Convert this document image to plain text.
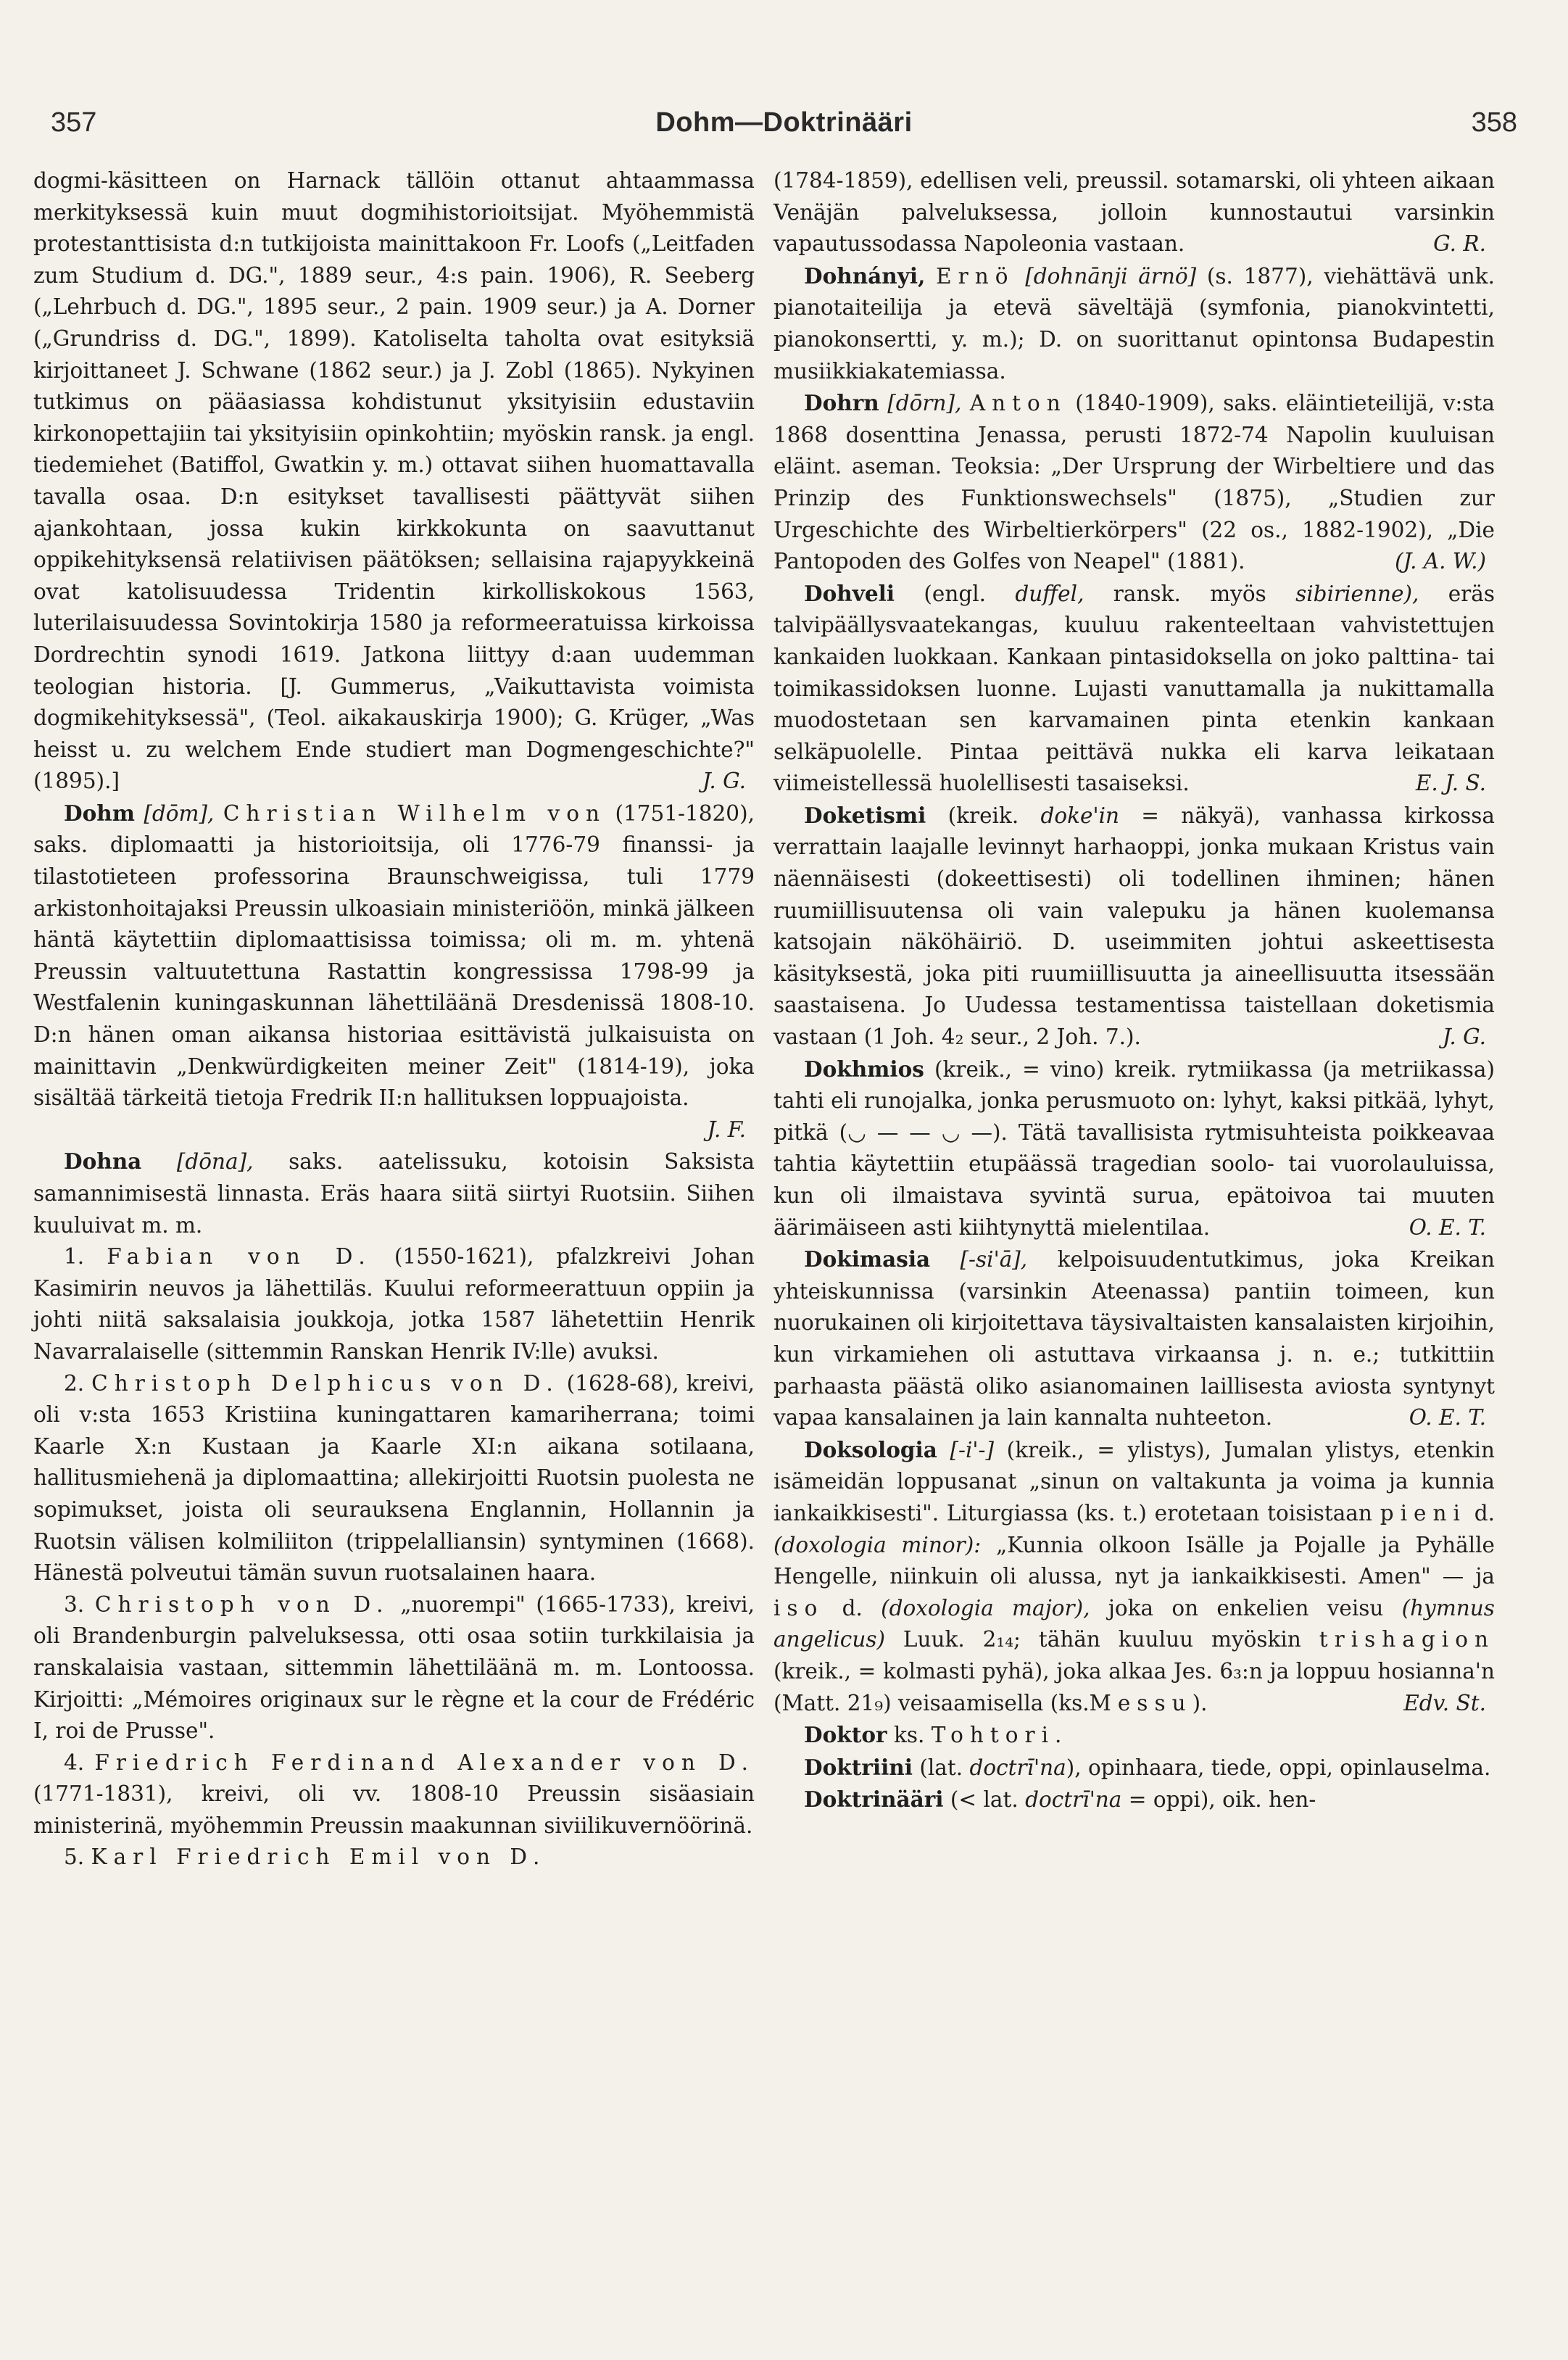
357	Dohm—Doktrinääri	358

dogmi-käsitteen on Harnack tällöin ottanut ahtaammassa merkityksessä kuin muut dogmihistorioitsijat. Myöhemmistä protestanttisista d:n tutkijoista mainittakoon Fr. Loofs („Leitfaden zum Studium d. DG.", 1889 seur., 4:s pain. 1906), R. Seeberg („Lehrbuch d. DG.", 1895 seur., 2 pain. 1909 seur.) ja A. Dorner („Grundriss d. DG.", 1899). Katoliselta taholta ovat esityksiä kirjoittaneet J. Schwane (1862 seur.) ja J. Zobl (1865). Nykyinen tutkimus on pääasiassa kohdistunut yksityisiin edustaviin kirkonopettajiin tai yksityisiin opinkohtiin; myöskin ransk. ja engl. tiedemiehet (Batiffol, Gwatkin y. m.) ottavat siihen huomattavalla tavalla osaa. D:n esitykset tavallisesti päättyvät siihen ajankohtaan, jossa kukin kirkkokunta on saavuttanut oppikehityksensä relatiivisen päätöksen; sellaisina rajapyykkeinä ovat katolisuudessa Tridentin kirkolliskokous 1563, luterilaisuudessa Sovintokirja 1580 ja reformeeratuissa kirkoissa Dordrechtin synodi 1619. Jatkona liittyy d:aan uudemman teologian historia. [J. Gummerus, „Vaikuttavista voimista dogmikehityksessä", (Teol. aikakauskirja 1900); G. Krüger, „Was heisst u. zu welchem Ende studiert man Dogmengeschichte?" (1895).]	J. G.

Dohm [dōm], Christian Wilhelm von (1751-1820), saks. diplomaatti ja historioitsija, oli 1776-79 finanssi- ja tilastotieteen professorina Braunschweigissa, tuli 1779 arkistonhoitajaksi Preussin ulkoasiain ministeriöön, minkä jälkeen häntä käytettiin diplomaattisissa toimissa; oli m. m. yhtenä Preussin valtuutettuna Rastattin kongressissa 1798-99 ja Westfalenin kuningaskunnan lähettiläänä Dresdenissä 1808-10. D:n hänen oman aikansa historiaa esittävistä julkaisuista on mainittavin „Denkwürdigkeiten meiner Zeit" (1814-19), joka sisältää tärkeitä tietoja Fredrik II:n hallituksen loppuajoista.
J. F.

Dohna [dōna], saks. aatelissuku, kotoisin Saksista samannimisestä linnasta. Eräs haara siitä siirtyi Ruotsiin. Siihen kuuluivat m. m.

1. Fabian von D. (1550-1621), pfalzkreivi Johan Kasimirin neuvos ja lähettiläs. Kuului reformeerattuun oppiin ja johti niitä saksalaisia joukkoja, jotka 1587 lähetettiin Henrik Navarralaiselle (sittemmin Ranskan Henrik IV:lle) avuksi.

2. Christoph Delphicus von D. (1628-68), kreivi, oli v:sta 1653 Kristiina kuningattaren kamariherrana; toimi Kaarle X:n Kustaan ja Kaarle XI:n aikana sotilaana, hallitusmiehenä ja diplomaattina; allekirjoitti Ruotsin puolesta ne sopimukset, joista oli seurauksena Englannin, Hollannin ja Ruotsin välisen kolmiliiton (trippelalliansin) syntyminen (1668). Hänestä polveutui tämän suvun ruotsalainen haara.

3. Christoph von D. „nuorempi" (1665-1733), kreivi, oli Brandenburgin palveluksessa, otti osaa sotiin turkkilaisia ja ranskalaisia vastaan, sittemmin lähettiläänä m. m. Lontoossa. Kirjoitti: „Mémoires originaux sur le règne et la cour de Frédéric I, roi de Prusse".

4. Friedrich Ferdinand Alexander von D. (1771-1831), kreivi, oli vv. 1808-10 Preussin sisäasiain ministerinä, myöhemmin Preussin maakunnan siviilikuvernöörinä.

5. Karl Friedrich Emil von D.

(1784-1859), edellisen veli, preussil. sotamarski, oli yhteen aikaan Venäjän palveluksessa, jolloin kunnostautui varsinkin vapautussodassa Napoleonia vastaan.	G. R.

Dohnányi, Ernö [dohnānji ärnö] (s. 1877), viehättävä unk. pianotaiteilija ja etevä säveltäjä (symfonia, pianokvintetti, pianokonsertti, y. m.); D. on suorittanut opintonsa Budapestin musiikkiakatemiassa.

Dohrn [dōrn], Anton (1840-1909), saks. eläintieteilijä, v:sta 1868 dosenttina Jenassa, perusti 1872-74 Napolin kuuluisan eläint. aseman. Teoksia: „Der Ursprung der Wirbeltiere und das Prinzip des Funktionswechsels" (1875), „Studien zur Urgeschichte des Wirbeltierkörpers" (22 os., 1882-1902), „Die Pantopoden des Golfes von Neapel" (1881).	(J. A. W.)

Dohveli (engl. duffel, ransk. myös sibirienne), eräs talvipäällysvaatekangas, kuuluu rakenteeltaan vahvistettujen kankaiden luokkaan. Kankaan pintasidoksella on joko palttina- tai toimikassidoksen luonne. Lujasti vanuttamalla ja nukittamalla muodostetaan sen karvamainen pinta etenkin kankaan selkäpuolelle. Pintaa peittävä nukka eli karva leikataan viimeistellessä huolellisesti tasaiseksi.	E. J. S.

Doketismi (kreik. doke'in = näkyä), vanhassa kirkossa verrattain laajalle levinnyt harhaoppi, jonka mukaan Kristus vain näennäisesti (dokeettisesti) oli todellinen ihminen; hänen ruumiillisuutensa oli vain valepuku ja hänen kuolemansa katsojain näköhäiriö. D. useimmiten johtui askeettisesta käsityksestä, joka piti ruumiillisuutta ja aineellisuutta itsessään saastaisena. Jo Uudessa testamentissa taistellaan doketismia vastaan (1 Joh. 4₂ seur., 2 Joh. 7.).	J. G.

Dokhmios (kreik., = vino) kreik. rytmiikassa (ja metriikassa) tahti eli runojalka, jonka perusmuoto on: lyhyt, kaksi pitkää, lyhyt, pitkä (◡ — — ◡ —). Tätä tavallisista rytmisuhteista poikkeavaa tahtia käytettiin etupäässä tragedian soolo- tai vuorolauluissa, kun oli ilmaistava syvintä surua, epätoivoa tai muuten äärimäiseen asti kiihtynyttä mielentilaa.	O. E. T.

Dokimasia [-si'ā], kelpoisuudentutkimus, joka Kreikan yhteiskunnissa (varsinkin Ateenassa) pantiin toimeen, kun nuorukainen oli kirjoitettava täysivaltaisten kansalaisten kirjoihin, kun virkamiehen oli astuttava virkaansa j. n. e.; tutkittiin parhaasta päästä oliko asianomainen laillisesta aviosta syntynyt vapaa kansalainen ja lain kannalta nuhteeton.	O. E. T.

Doksologia [-i'-] (kreik., = ylistys), Jumalan ylistys, etenkin isämeidän loppusanat „sinun on valtakunta ja voima ja kunnia iankaikkisesti". Liturgiassa (ks. t.) erotetaan toisistaan pieni d. (doxologia minor): „Kunnia olkoon Isälle ja Pojalle ja Pyhälle Hengelle, niinkuin oli alussa, nyt ja iankaikkisesti. Amen" — ja iso d. (doxologia major), joka on enkelien veisu (hymnus angelicus) Luuk. 2₁₄; tähän kuuluu myöskin trishagion (kreik., = kolmasti pyhä), joka alkaa Jes. 6₃:n ja loppuu hosianna'n (Matt. 21₉) veisaamisella (ks.Messu).	Edv. St.

Doktor ks. Tohtori.

Doktriini (lat. doctrī'na), opinhaara, tiede, oppi, opinlauselma.

Doktrinääri (< lat. doctrī'na = oppi), oik. hen-
